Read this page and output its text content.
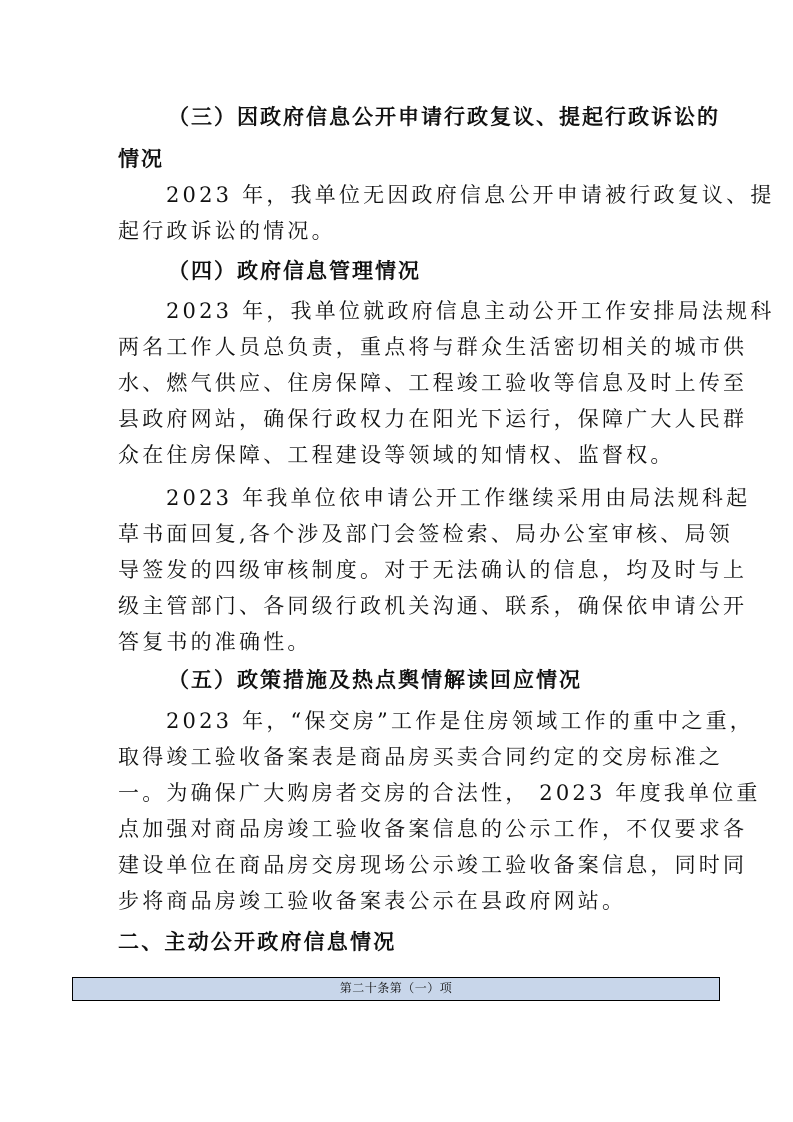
（三）因政府信息公开申请行政复议、提起行政诉讼的
情况
2023 年，我单位无因政府信息公开申请被行政复议、提
起行政诉讼的情况。
（四）政府信息管理情况
2023 年，我单位就政府信息主动公开工作安排局法规科
两名工作人员总负责，重点将与群众生活密切相关的城市供
水、燃气供应、住房保障、工程竣工验收等信息及时上传至
县政府网站，确保行政权力在阳光下运行，保障广大人民群
众在住房保障、工程建设等领域的知情权、监督权。
2023 年我单位依申请公开工作继续采用由局法规科起
草书面回复,各个涉及部门会签检索、局办公室审核、局领
导签发的四级审核制度。对于无法确认的信息，均及时与上
级主管部门、各同级行政机关沟通、联系，确保依申请公开
答复书的准确性。
（五）政策措施及热点舆情解读回应情况
2023 年，“保交房”工作是住房领域工作的重中之重，
取得竣工验收备案表是商品房买卖合同约定的交房标准之
一。为确保广大购房者交房的合法性， 2023 年度我单位重
点加强对商品房竣工验收备案信息的公示工作，不仅要求各
建设单位在商品房交房现场公示竣工验收备案信息，同时同
步将商品房竣工验收备案表公示在县政府网站。
二、主动公开政府信息情况
第二十条第（一）项
